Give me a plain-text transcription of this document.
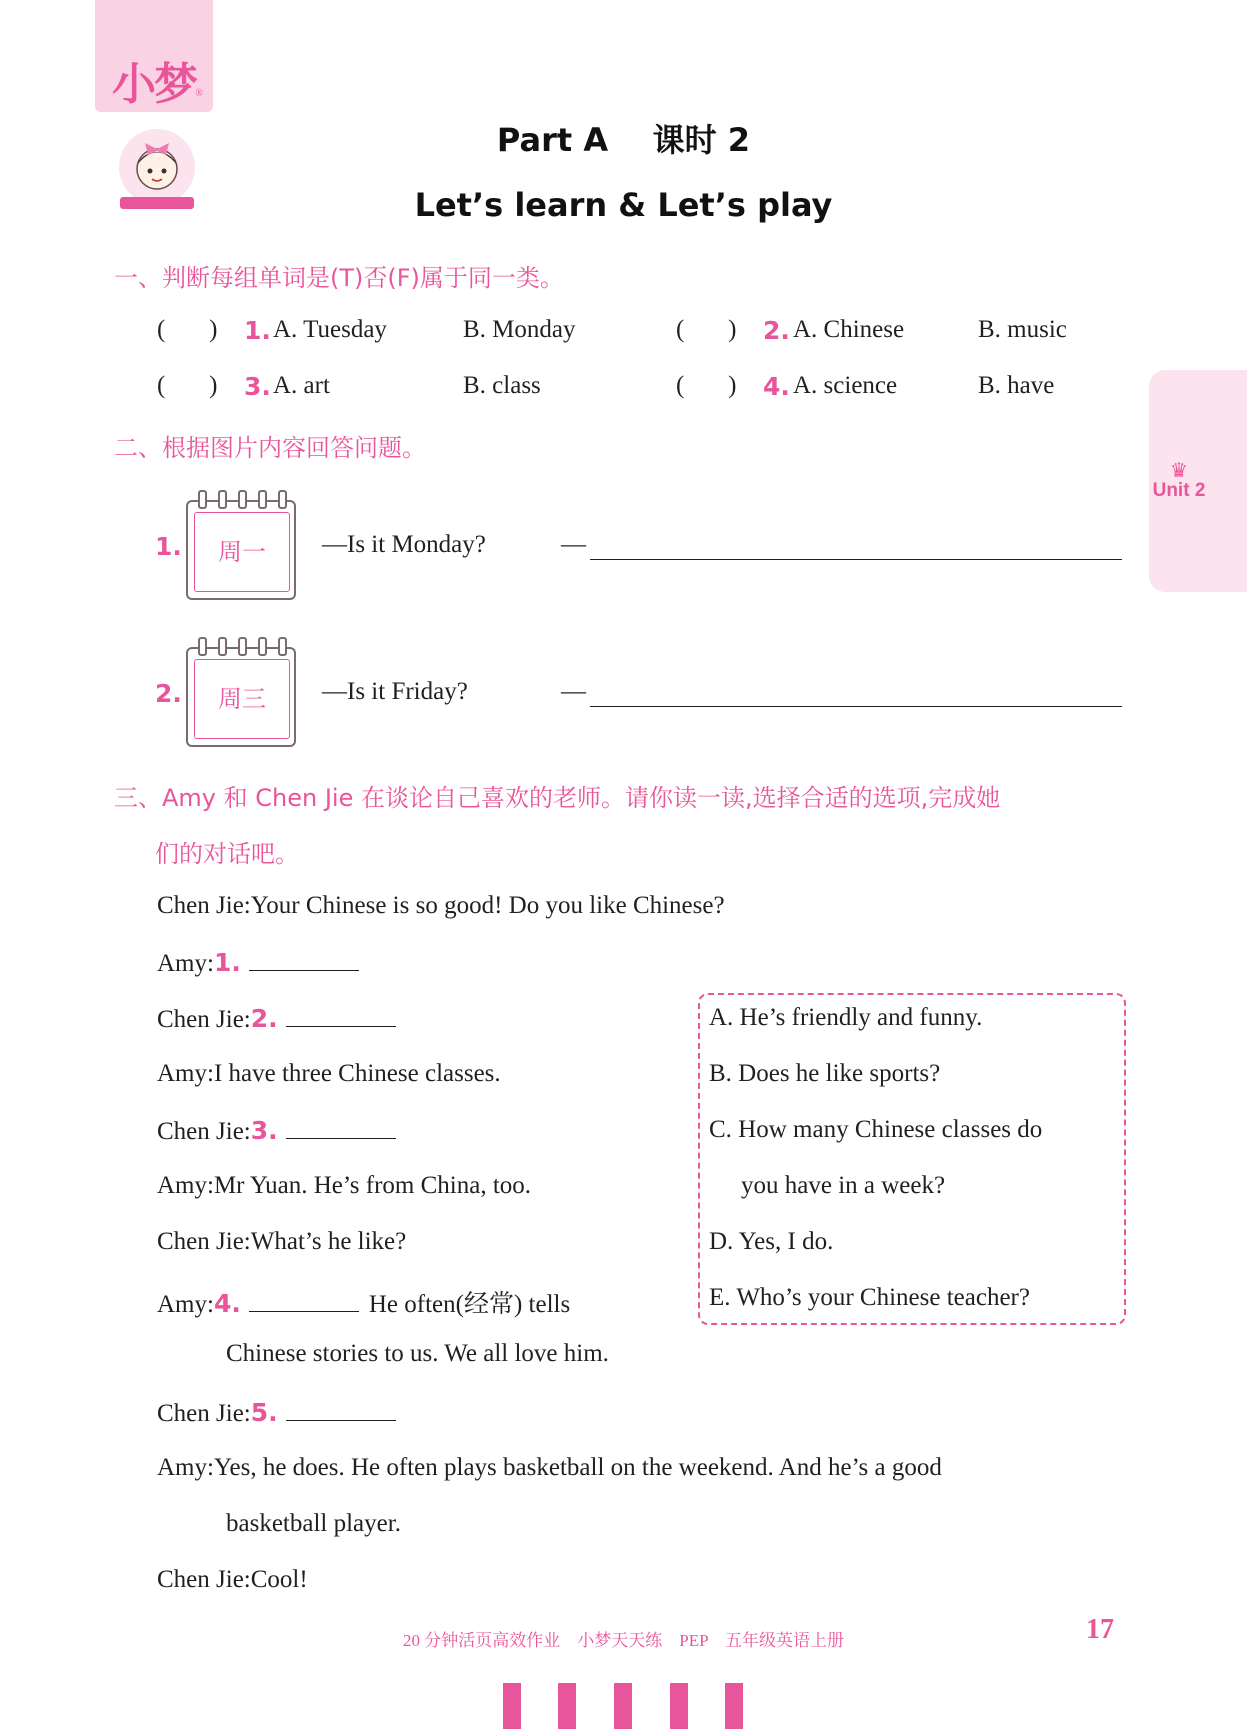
小梦 ®
♛
Unit 2
Part A    课时 2
Let’s learn & Let’s play
一、判断每组单词是(T)否(F)属于同一类。
(       ) 1. A. Tuesday	B. Monday	(       ) 2. A. Chinese	B. music
(       ) 3. A. art	B. class	(       ) 4. A. science	B. have
二、根据图片内容回答问题。
1.	周一	—Is it Monday?	—
2.	周三	—Is it Friday?	—
三、Amy 和 Chen Jie 在谈论自己喜欢的老师。请你读一读,选择合适的选项,完成她
们的对话吧。
Chen Jie:Your Chinese is so good! Do you like Chinese?
Amy:1.
Chen Jie:2.
Amy:I have three Chinese classes.
Chen Jie:3.
Amy:Mr Yuan. He’s from China, too.
Chen Jie:What’s he like?
Amy:4.	He often(经常) tells
Chinese stories to us. We all love him.
Chen Jie:5.
Amy:Yes, he does. He often plays basketball on the weekend. And he’s a good
basketball player.
Chen Jie:Cool!
A. He’s friendly and funny.
B. Does he like sports?
C. How many Chinese classes do
you have in a week?
D. Yes, I do.
E. Who’s your Chinese teacher?
20 分钟活页高效作业    小梦天天练    PEP    五年级英语上册	17
